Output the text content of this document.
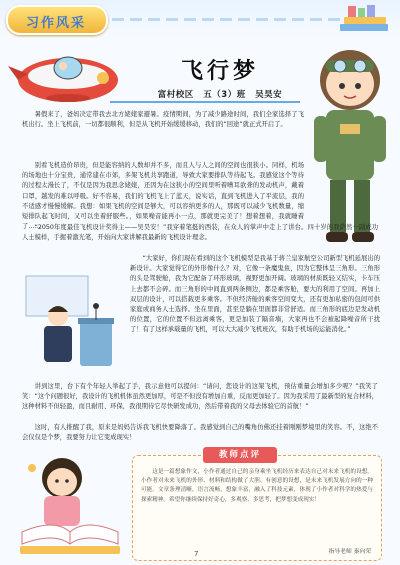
习作风采
飞行梦
富村校区 五（3）班 吴昊安
暑假来了，爸妈决定带我去北方姥姥家避暑。疫情期间，为了减少路途时间，我们全家选择了飞机出行。坐上飞机前，一切都很顺利，但是从飞机开始缓缓移动，我们的“回途”就正式开启了。
别看飞机造价昂贵，但是能容纳的人数却并不多，而且人与人之间的空间也很狭小。同样，机场的场地也十分宝贵，通常建在市郊，多架飞机共享跑道，导致大家要排队等待起飞。我感觉这个等待的过程太漫长了，不仅是因为我思念姥姥，还因为在这狭小的空间里听着嘈耳欲聋的发动机声，戴着口罩，越发的难以呼吸。好不容易，我们的飞机飞上了蓝天，说实话，直到飞机进入了平流层，我的不适感才慢慢缓解。我想：如果飞机的空间是够大，可以容纳更多的人，那既可以减少飞机数量，缩短排队起飞时间，又可以坐着舒服些。，如果噪音能再小一点，那就更完美了！想着想着，我就睡着了……
“2050年度最佳飞机设计奖得主——吴昊安！”我穿着笔挺的西装，在众人的掌声中走上了讲台。四十岁的我萨然一副成功人士模样，手握着激光笔，开始向大家讲解我最新的飞机设计理念。
“大家好，你们现在看到的这个飞机模型是我基于蒋兰皇家航空公司新型飞机延展出的新设计。大家觉得它的外形像什么？对，它像一条魔鬼鱼，因为它整体呈三角形。三角形的头是驾驶舱，我为它配备了环形玻璃，视野更加开阔。玻璃的材质既轻又结实，卡车压上去都不会碎。而三角形的中间直到两条侧边，都是乘客舱，要大的利用了空间。再加上双层的设计，可以搭载更多乘客。不但经济舱的乘客空间变大，还有更加私密的包间可供家庭或商务人士选择。坐在里面，甚至是躺在里面都非常舒适。而三角形的底边是发动机的位置，它的位置不但远离乘客，更是加装了隔音墙，大家再也不会被起降噪音所干扰了！有了这样承载量的飞机，可以大大减少飞机班次，有助于机场的运能消化。”
讲到这里，台下有个年轻人举起了手，我示意他可以提问：“请问，您设计的这架飞机，预估重量会增加多少呢？”我笑了笑：“这个问题很好，我设计的飞机机体虽然更加厚，可是不但没有增加自重，反而更加轻了。因为我采用了最新型的复合材料，这种材料不但轻盈，而且耐用、环保，我很期待它尽快研发成功，然后带着我的父母去体验它的首航！”
这时，有人推醒了我，原来是妈妈告诉我飞机快要降落了。我感觉到自己的嘴角仿佛还挂着刚刚梦境里的笑容。不，这绝不会仅仅是个梦，我要努力让它变成现实！
教师点评
这是一篇想象作文，小作者通过自己的亲身乘坐飞机经历来表达自己对未来飞机的设想。小作者对未来飞机的外形、材料和结构做了大胆、有创意的设想，是未来飞机发展方向的一种可能。文章条理清晰，语言流畅，想象丰富，融入了科技元素，体现了小作者对科学的热爱与探索精神。希望你继续保持好奇心，多观察、多思考，把梦想变成现实！
指导老师 秦向荣
7
